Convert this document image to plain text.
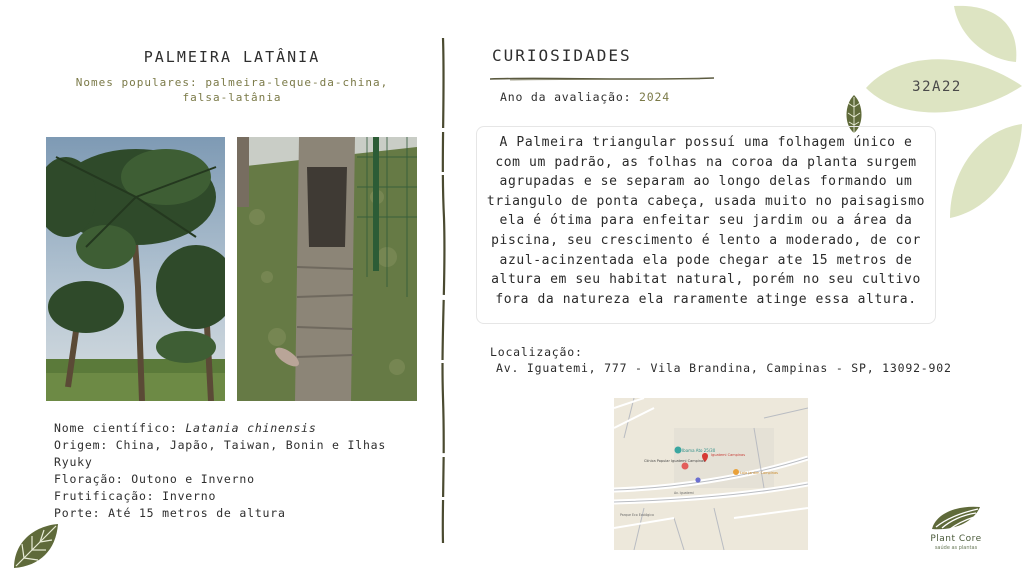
PALMEIRA LATÂNIA
Nomes populares: palmeira-leque-da-china, falsa-latânia

Nome científico: Latania chinensis

Origem: China, Japão, Taiwan, Bonin e Ilhas Ryuky

Floração: Outono e Inverno

Frutificação: Inverno

Porte: Até 15 metros de altura

CURIOSIDADES
Ano da avaliação: 2024
A Palmeira triangular possuí uma folhagem único e com um padrão, as folhas na coroa da planta surgem agrupadas e se separam ao longo delas formando um triangulo de ponta cabeça, usada muito no paisagismo ela é ótima para enfeitar seu jardim ou a área da piscina, seu crescimento é lento a moderado, de cor azul-acinzentada ela pode chegar ate 15 metros de altura em seu habitat natural, porém no seu cultivo fora da natureza ela raramente atinge essa altura.
Localização:
Av. Iguatemi, 777 - Vila Brandina, Campinas - SP, 13092-902
Ibama Ato 25/30
Clínica Popular Iguatemi Campinas
Iguatemi Campinas
Loja Jardim Campinas
Av. Iguatemi
Parque Eco Ecológico
32A22
Plant Core
saúde as plantas
